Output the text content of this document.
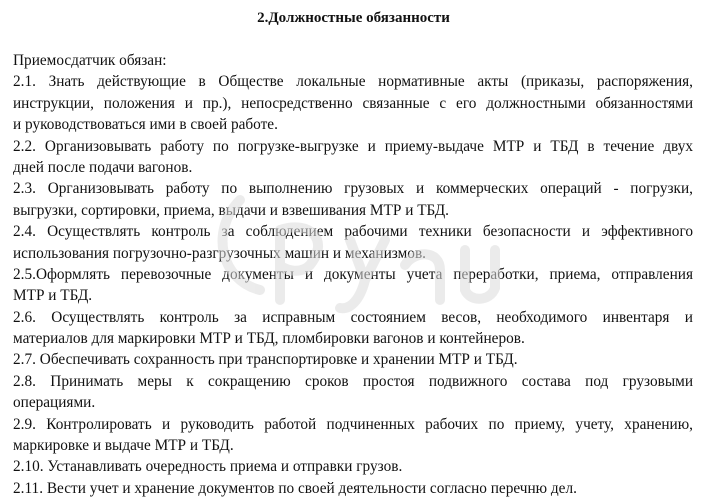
2.Должностные обязанности
Приемосдатчик обязан:
2.1. Знать действующие в Обществе локальные нормативные акты (приказы, распоряжения,
инструкции, положения и пр.), непосредственно связанные с его должностными обязанностями
и руководствоваться ими в своей работе.
2.2. Организовывать работу по погрузке-выгрузке и приему-выдаче МТР и ТБД в течение двух
дней после подачи вагонов.
2.3. Организовывать работу по выполнению грузовых и коммерческих операций - погрузки,
выгрузки, сортировки, приема, выдачи и взвешивания МТР и ТБД.
2.4. Осуществлять контроль за соблюдением рабочими техники безопасности и эффективного
использования погрузочно-разгрузочных машин и механизмов.
2.5.Оформлять перевозочные документы и документы учета переработки, приема, отправления
МТР и ТБД.
2.6. Осуществлять контроль за исправным состоянием весов, необходимого инвентаря и
материалов для маркировки МТР и ТБД, пломбировки вагонов и контейнеров.
2.7. Обеспечивать сохранность при транспортировке и хранении МТР и ТБД.
2.8. Принимать меры к сокращению сроков простоя подвижного состава под грузовыми
операциями.
2.9. Контролировать и руководить работой подчиненных рабочих по приему, учету, хранению,
маркировке и выдаче МТР и ТБД.
2.10. Устанавливать очередность приема и отправки грузов.
2.11. Вести учет и хранение документов по своей деятельности согласно перечню дел.
